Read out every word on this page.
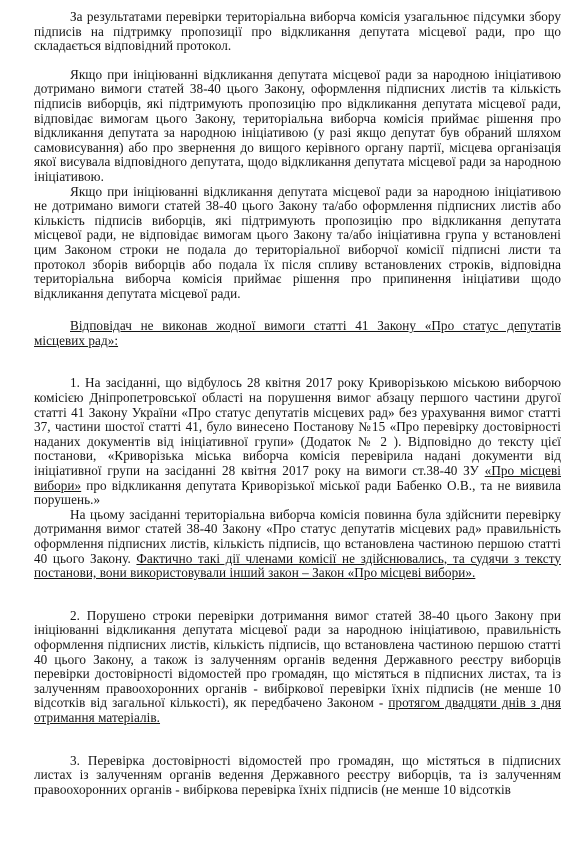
За результатами перевірки територіальна виборча комісія узагальнює підсумки збору підписів на підтримку пропозиції про відкликання депутата місцевої ради, про що складається відповідний протокол.

Якщо при ініціюванні відкликання депутата місцевої ради за народною ініціативою дотримано вимоги статей 38-40 цього Закону, оформлення підписних листів та кількість підписів виборців, які підтримують пропозицію про відкликання депутата місцевої ради, відповідає вимогам цього Закону, територіальна виборча комісія приймає рішення про відкликання депутата за народною ініціативою (у разі якщо депутат був обраний шляхом самовисування) або про звернення до вищого керівного органу партії, місцева організація якої висувала відповідного депутата, щодо відкликання депутата місцевої ради за народною ініціативою.

Якщо при ініціюванні відкликання депутата місцевої ради за народною ініціативою не дотримано вимоги статей 38-40 цього Закону та/або оформлення підписних листів або кількість підписів виборців, які підтримують пропозицію про відкликання депутата місцевої ради, не відповідає вимогам цього Закону та/або ініціативна група у встановлені цим Законом строки не подала до територіальної виборчої комісії підписні листи та протокол зборів виборців або подала їх після спливу встановлених строків, відповідна територіальна виборча комісія приймає рішення про припинення ініціативи щодо відкликання депутата місцевої ради.

Відповідач не виконав жодної вимоги статті 41 Закону «Про статус депутатів місцевих рад»:

1. На засіданні, що відбулось 28 квітня 2017 року Криворізькою міською виборчою комісією Дніпропетровської області на порушення вимог абзацу першого частини другої статті 41 Закону України «Про статус депутатів місцевих рад» без урахування вимог статті 37, частини шостої статті 41, було винесено Постанову №15 «Про перевірку достовірності наданих документів від ініціативної групи» (Додаток № 2 ). Відповідно до тексту цієї постанови, «Криворізька міська виборча комісія перевірила надані документи від ініціативної групи на засіданні 28 квітня 2017 року на вимоги ст.38-40 ЗУ «Про місцеві вибори» про відкликання депутата Криворізької міської ради Бабенко О.В., та не виявила порушень.»

На цьому засіданні територіальна виборча комісія повинна була здійснити перевірку дотримання вимог статей 38-40 Закону «Про статус депутатів місцевих рад» правильність оформлення підписних листів, кількість підписів, що встановлена частиною першою статті 40 цього Закону. Фактично такі дії членами комісії не здійснювались, та судячи з тексту постанови, вони використовували інший закон – Закон «Про місцеві вибори».

2. Порушено строки перевірки дотримання вимог статей 38-40 цього Закону при ініціюванні відкликання депутата місцевої ради за народною ініціативою, правильність оформлення підписних листів, кількість підписів, що встановлена частиною першою статті 40 цього Закону, а також із залученням органів ведення Державного реєстру виборців перевірки достовірності відомостей про громадян, що містяться в підписних листах, та із залученням правоохоронних органів - вибіркової перевірки їхніх підписів (не менше 10 відсотків від загальної кількості), як передбачено Законом - протягом двадцяти днів з дня отримання матеріалів.

3. Перевірка достовірності відомостей про громадян, що містяться в підписних листах із залученням органів ведення Державного реєстру виборців, та із залученням правоохоронних органів - вибіркова перевірка їхніх підписів (не менше 10 відсотків
